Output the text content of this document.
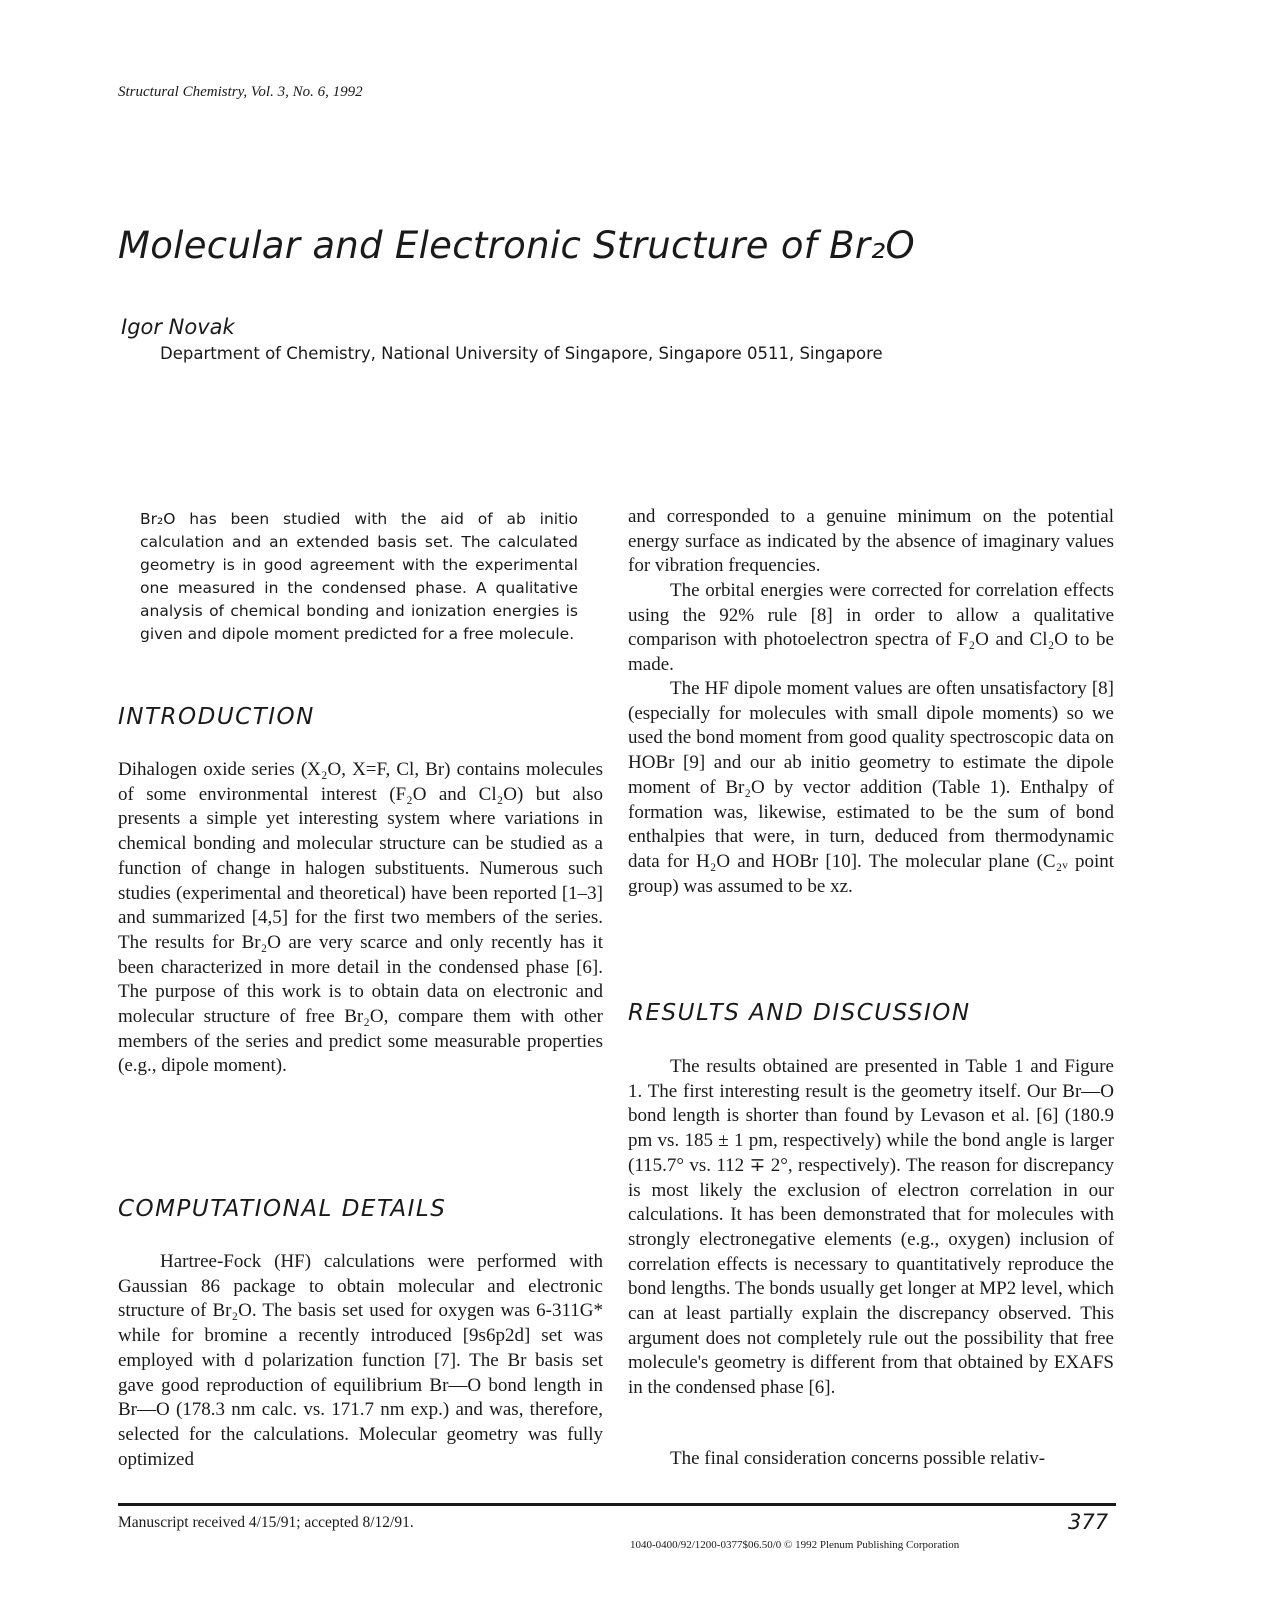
Structural Chemistry, Vol. 3, No. 6, 1992
Molecular and Electronic Structure of Br₂O
Igor Novak
Department of Chemistry, National University of Singapore, Singapore 0511, Singapore

Br₂O has been studied with the aid of ab initio calculation and an extended basis set. The calculated geometry is in good agreement with the experimental one measured in the condensed phase. A qualitative analysis of chemical bonding and ionization energies is given and dipole moment predicted for a free molecule.

INTRODUCTION

Dihalogen oxide series (X₂O, X=F, Cl, Br) contains molecules of some environmental interest (F₂O and Cl₂O) but also presents a simple yet interesting system where variations in chemical bonding and molecular structure can be studied as a function of change in halogen substituents. Numerous such studies (experimental and theoretical) have been reported [1–3] and summarized [4,5] for the first two members of the series. The results for Br₂O are very scarce and only recently has it been characterized in more detail in the condensed phase [6]. The purpose of this work is to obtain data on electronic and molecular structure of free Br₂O, compare them with other members of the series and predict some measurable properties (e.g., dipole moment).

COMPUTATIONAL DETAILS

Hartree-Fock (HF) calculations were performed with Gaussian 86 package to obtain molecular and electronic structure of Br₂O. The basis set used for oxygen was 6-311G* while for bromine a recently introduced [9s6p2d] set was employed with d polarization function [7]. The Br basis set gave good reproduction of equilibrium Br—O bond length in Br—O (178.3 nm calc. vs. 171.7 nm exp.) and was, therefore, selected for the calculations. Molecular geometry was fully optimized

and corresponded to a genuine minimum on the potential energy surface as indicated by the absence of imaginary values for vibration frequencies.

The orbital energies were corrected for correlation effects using the 92% rule [8] in order to allow a qualitative comparison with photoelectron spectra of F₂O and Cl₂O to be made.

The HF dipole moment values are often unsatisfactory [8] (especially for molecules with small dipole moments) so we used the bond moment from good quality spectroscopic data on HOBr [9] and our ab initio geometry to estimate the dipole moment of Br₂O by vector addition (Table 1). Enthalpy of formation was, likewise, estimated to be the sum of bond enthalpies that were, in turn, deduced from thermodynamic data for H₂O and HOBr [10]. The molecular plane (C₂ᵥ point group) was assumed to be xz.

RESULTS AND DISCUSSION

The results obtained are presented in Table 1 and Figure 1. The first interesting result is the geometry itself. Our Br—O bond length is shorter than found by Levason et al. [6] (180.9 pm vs. 185 ± 1 pm, respectively) while the bond angle is larger (115.7° vs. 112 ∓ 2°, respectively). The reason for discrepancy is most likely the exclusion of electron correlation in our calculations. It has been demonstrated that for molecules with strongly electronegative elements (e.g., oxygen) inclusion of correlation effects is necessary to quantitatively reproduce the bond lengths. The bonds usually get longer at MP2 level, which can at least partially explain the discrepancy observed. This argument does not completely rule out the possibility that free molecule's geometry is different from that obtained by EXAFS in the condensed phase [6].

The final consideration concerns possible relativ-

Manuscript received 4/15/91; accepted 8/12/91.	377
1040-0400/92/1200-0377$06.50/0 © 1992 Plenum Publishing Corporation
